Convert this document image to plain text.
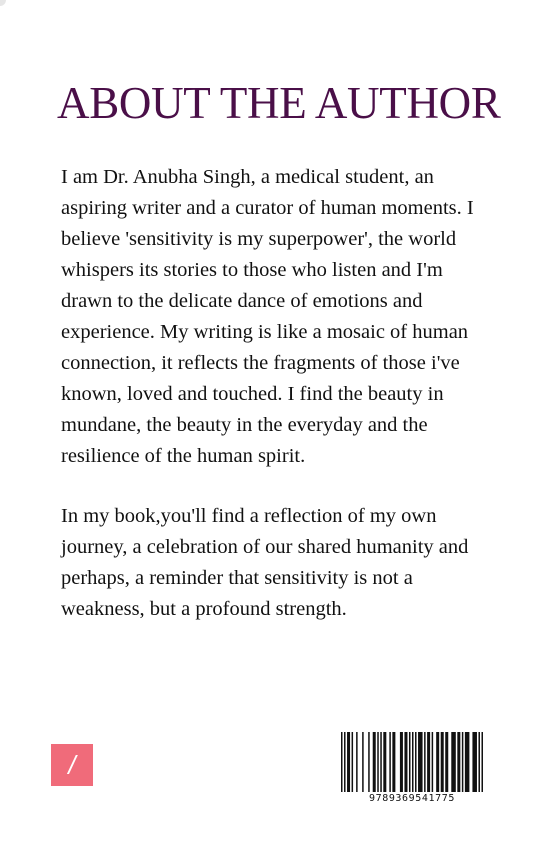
ABOUT THE AUTHOR

I am Dr. Anubha Singh, a medical student, an aspiring writer and a curator of human moments. I believe 'sensitivity is my superpower', the world whispers its stories to those who listen and I'm drawn to the delicate dance of emotions and experience. My writing is like a mosaic of human connection, it reflects the fragments of those i've known, loved and touched. I find the beauty in mundane, the beauty in the everyday and the resilience of the human spirit.

In my book,you'll find a reflection of my own journey, a celebration of our shared humanity and perhaps, a reminder that sensitivity is not a weakness, but a profound strength.

/
9789369541775
